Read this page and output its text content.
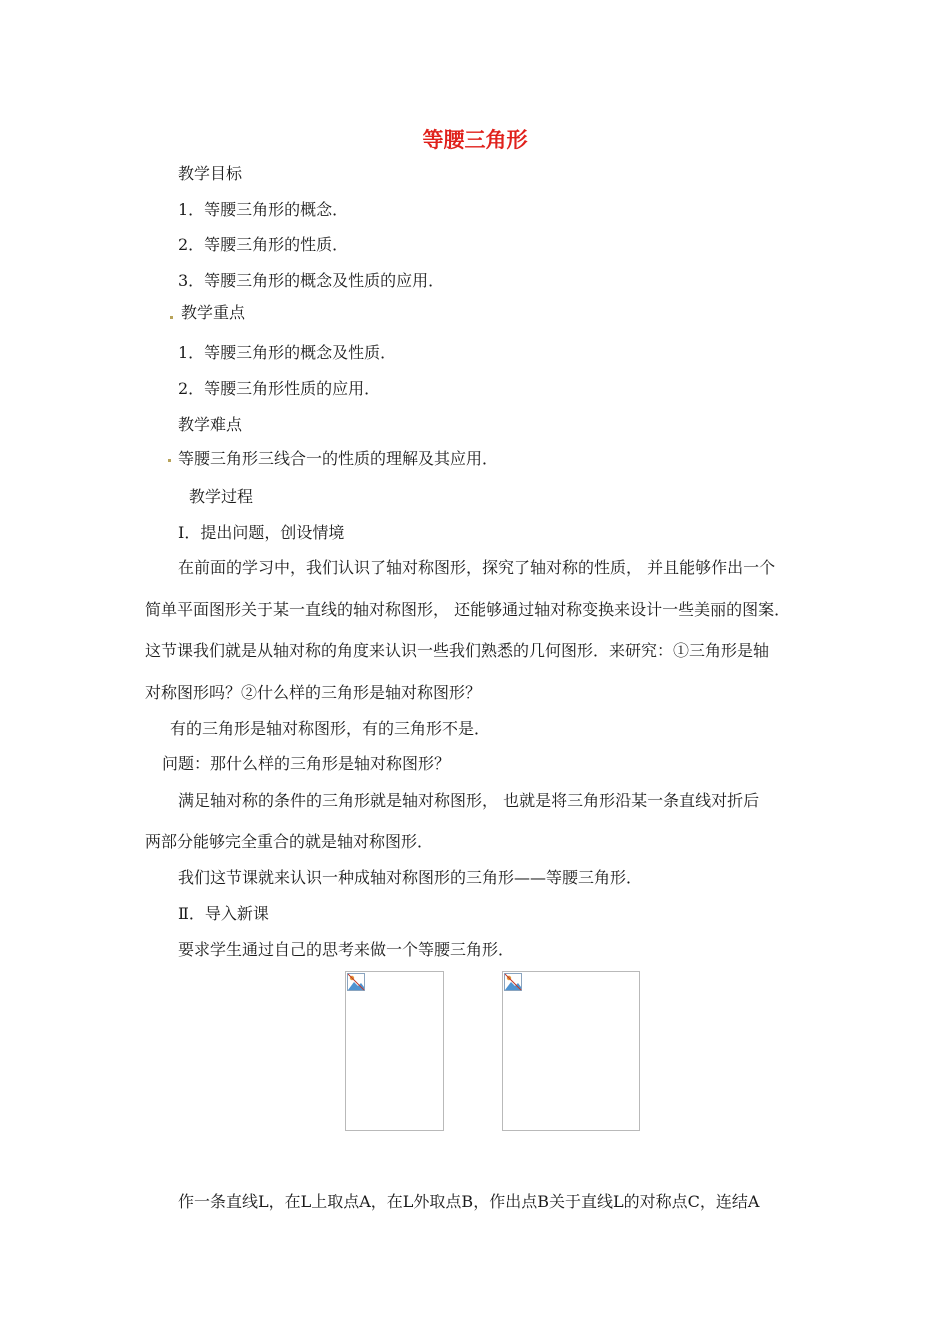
等腰三角形
教学目标
1．等腰三角形的概念．
2．等腰三角形的性质．
3．等腰三角形的概念及性质的应用．
教学重点
1．等腰三角形的概念及性质．
2．等腰三角形性质的应用．
教学难点
等腰三角形三线合一的性质的理解及其应用．
教学过程
Ⅰ．提出问题，创设情境
在前面的学习中，我们认识了轴对称图形，探究了轴对称的性质， 并且能够作出一个
简单平面图形关于某一直线的轴对称图形， 还能够通过轴对称变换来设计一些美丽的图案．
这节课我们就是从轴对称的角度来认识一些我们熟悉的几何图形．来研究：①三角形是轴
对称图形吗？②什么样的三角形是轴对称图形？
有的三角形是轴对称图形，有的三角形不是．
问题：那什么样的三角形是轴对称图形？
满足轴对称的条件的三角形就是轴对称图形， 也就是将三角形沿某一条直线对折后
两部分能够完全重合的就是轴对称图形．
我们这节课就来认识一种成轴对称图形的三角形——等腰三角形．
Ⅱ．导入新课
要求学生通过自己的思考来做一个等腰三角形．
作一条直线L，在L上取点A，在L外取点B，作出点B关于直线L的对称点C，连结A
